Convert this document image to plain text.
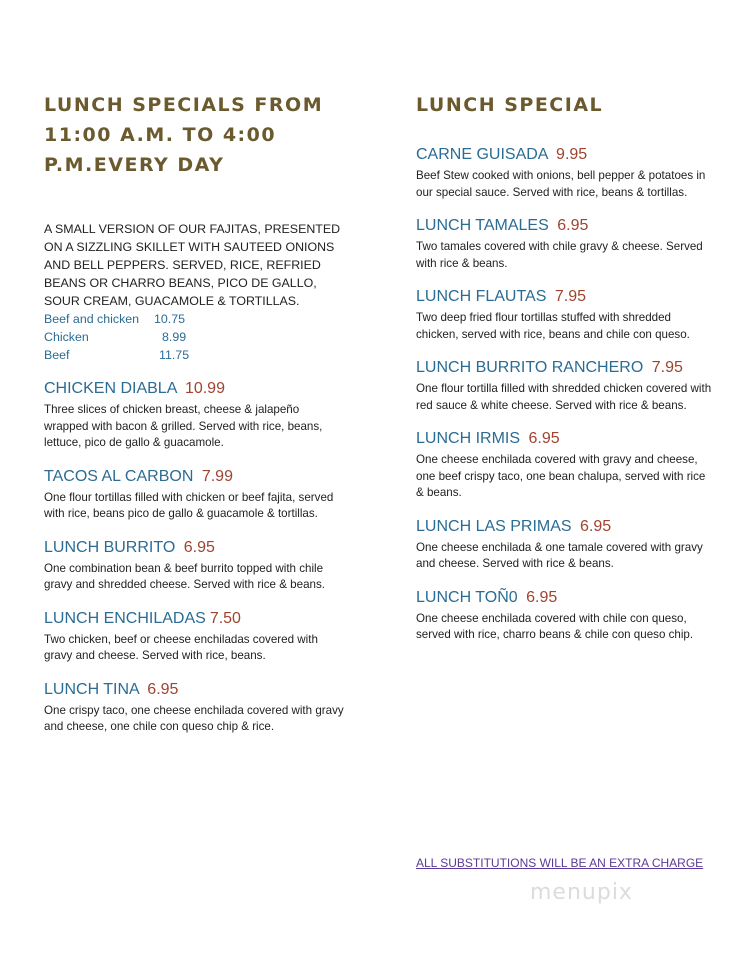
LUNCH SPECIALS FROM
11:00 A.M. TO 4:00
P.M.EVERY DAY
A SMALL VERSION OF OUR FAJITAS, PRESENTED ON A SIZZLING SKILLET WITH SAUTEED ONIONS AND BELL PEPPERS. SERVED, RICE, REFRIED BEANS OR CHARRO BEANS, PICO DE GALLO, SOUR CREAM, GUACAMOLE & TORTILLAS.
Beef and chicken	10.75
Chicken	8.99
Beef	11.75
CHICKEN DIABLA 10.99
Three slices of chicken breast, cheese & jalapeño wrapped with bacon & grilled. Served with rice, beans, lettuce, pico de gallo & guacamole.
TACOS AL CARBON 7.99
One flour tortillas filled with chicken or beef fajita, served with rice, beans pico de gallo & guacamole & tortillas.
LUNCH BURRITO 6.95
One combination bean & beef burrito topped with chile gravy and shredded cheese. Served with rice & beans.
LUNCH ENCHILADAS 7.50
Two chicken, beef or cheese enchiladas covered with gravy and cheese. Served with rice, beans.
LUNCH TINA 6.95
One crispy taco, one cheese enchilada covered with gravy and cheese, one chile con queso chip & rice.
LUNCH SPECIAL
CARNE GUISADA 9.95
Beef Stew cooked with onions, bell pepper & potatoes in our special sauce. Served with rice, beans & tortillas.
LUNCH TAMALES 6.95
Two tamales covered with chile gravy & cheese. Served with rice & beans.
LUNCH FLAUTAS 7.95
Two deep fried flour tortillas stuffed with shredded chicken, served with rice, beans and chile con queso.
LUNCH BURRITO RANCHERO 7.95
One flour tortilla filled with shredded chicken covered with red sauce & white cheese. Served with rice & beans.
LUNCH IRMIS 6.95
One cheese enchilada covered with gravy and cheese, one beef crispy taco, one bean chalupa, served with rice & beans.
LUNCH LAS PRIMAS 6.95
One cheese enchilada & one tamale covered with gravy and cheese. Served with rice & beans.
LUNCH TOÑ0 6.95
One cheese enchilada covered with chile con queso, served with rice, charro beans & chile con queso chip.
ALL SUBSTITUTIONS WILL BE AN EXTRA CHARGE
menupix
